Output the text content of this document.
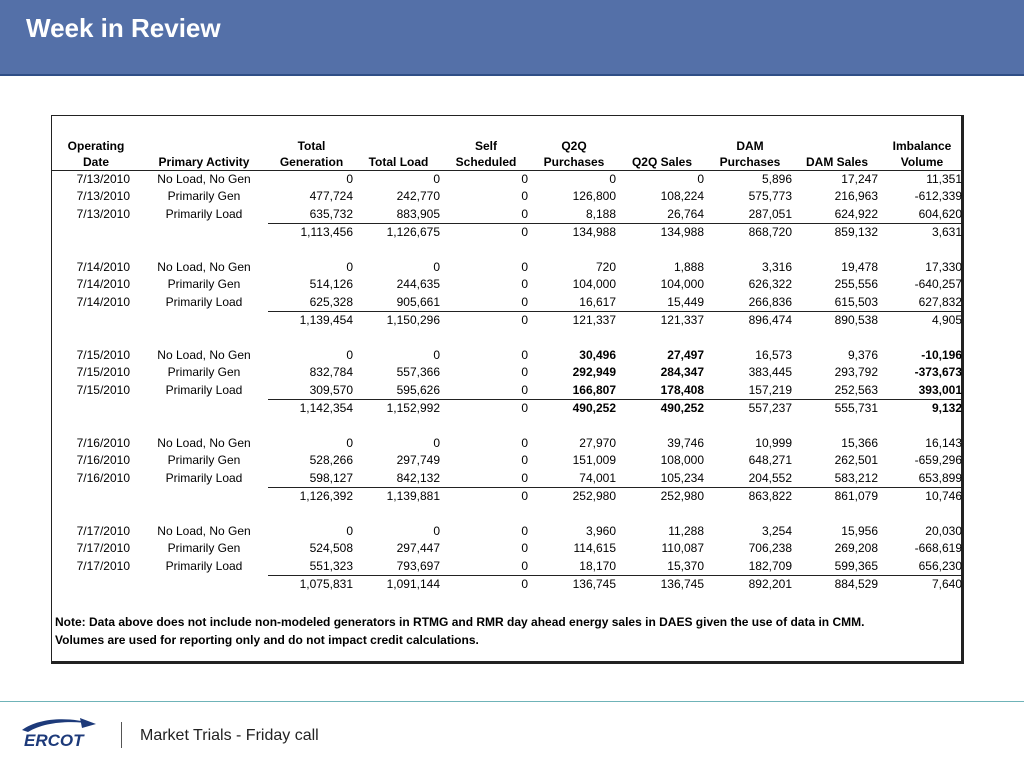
Week in Review
Operating		Total		Self	Q2Q		DAM		Imbalance
Date	Primary Activity	Generation	Total Load	Scheduled	Purchases	Q2Q Sales	Purchases	DAM Sales	Volume
7/13/2010	No Load, No Gen	0	0	0	0	0	5,896	17,247	11,351
7/13/2010	Primarily Gen	477,724	242,770	0	126,800	108,224	575,773	216,963	-612,339
7/13/2010	Primarily Load	635,732	883,905	0	8,188	26,764	287,051	624,922	604,620
		1,113,456	1,126,675	0	134,988	134,988	868,720	859,132	3,631

7/14/2010	No Load, No Gen	0	0	0	720	1,888	3,316	19,478	17,330
7/14/2010	Primarily Gen	514,126	244,635	0	104,000	104,000	626,322	255,556	-640,257
7/14/2010	Primarily Load	625,328	905,661	0	16,617	15,449	266,836	615,503	627,832
		1,139,454	1,150,296	0	121,337	121,337	896,474	890,538	4,905

7/15/2010	No Load, No Gen	0	0	0	30,496	27,497	16,573	9,376	-10,196
7/15/2010	Primarily Gen	832,784	557,366	0	292,949	284,347	383,445	293,792	-373,673
7/15/2010	Primarily Load	309,570	595,626	0	166,807	178,408	157,219	252,563	393,001
		1,142,354	1,152,992	0	490,252	490,252	557,237	555,731	9,132

7/16/2010	No Load, No Gen	0	0	0	27,970	39,746	10,999	15,366	16,143
7/16/2010	Primarily Gen	528,266	297,749	0	151,009	108,000	648,271	262,501	-659,296
7/16/2010	Primarily Load	598,127	842,132	0	74,001	105,234	204,552	583,212	653,899
		1,126,392	1,139,881	0	252,980	252,980	863,822	861,079	10,746

7/17/2010	No Load, No Gen	0	0	0	3,960	11,288	3,254	15,956	20,030
7/17/2010	Primarily Gen	524,508	297,447	0	114,615	110,087	706,238	269,208	-668,619
7/17/2010	Primarily Load	551,323	793,697	0	18,170	15,370	182,709	599,365	656,230
		1,075,831	1,091,144	0	136,745	136,745	892,201	884,529	7,640
Note: Data above does not include non-modeled generators in RTMG and RMR day ahead energy sales in DAES given the use of data in CMM.
Volumes are used for reporting only and do not impact credit calculations.
ERCOT	Market Trials - Friday call
